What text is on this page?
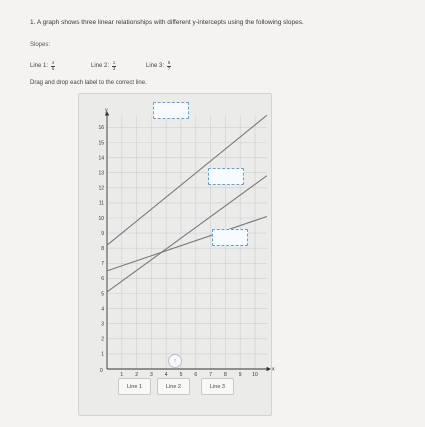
1. A graph shows three linear relationships with different y-intercepts using the following slopes.
Slopes:
Line 1: $\frac{4}{5}$	Line 2: $\frac{1}{3}$	Line 3: $\frac{5}{7}$
Drag and drop each label to the correct line.
y
x
0
1 2 3 4 5 6 7 8 9 10
1
2
3
4
5
6
7
8
9
10
11
12
13
14
15
16
↑
Line 1	Line 2	Line 3
